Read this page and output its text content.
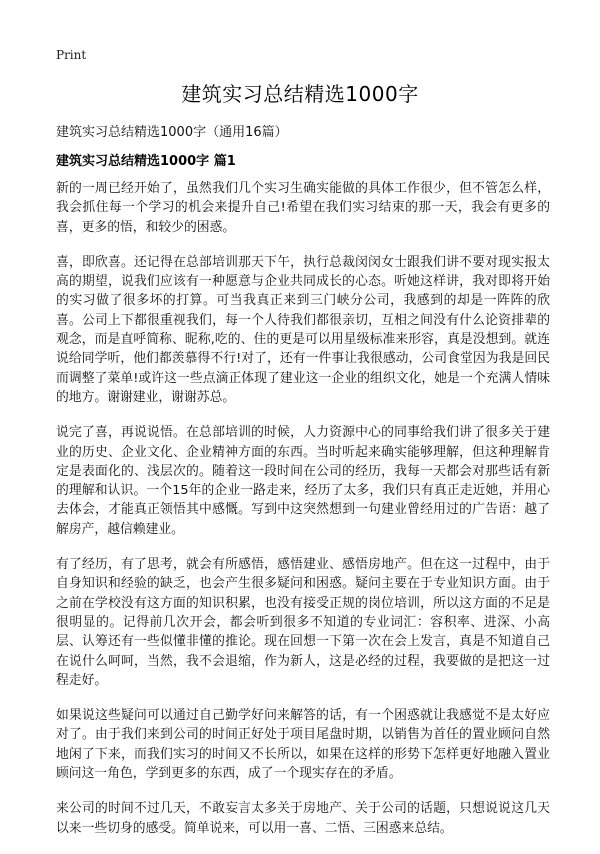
Print
建筑实习总结精选1000字
建筑实习总结精选1000字（通用16篇）
建筑实习总结精选1000字 篇1

新的一周已经开始了，虽然我们几个实习生确实能做的具体工作很少，但不管怎么样，我会抓住每一个学习的机会来提升自己!希望在我们实习结束的那一天，我会有更多的喜，更多的悟，和较少的困惑。

喜，即欣喜。还记得在总部培训那天下午，执行总裁闵闵女士跟我们讲不要对现实报太高的期望，说我们应该有一种愿意与企业共同成长的心态。听她这样讲，我对即将开始的实习做了很多坏的打算。可当我真正来到三门峡分公司，我感到的却是一阵阵的欣喜。公司上下都很重视我们，每一个人待我们都很亲切，互相之间没有什么论资排辈的观念，而是直呼简称、昵称,吃的、住的更是可以用星级标准来形容，真是没想到。就连说给同学听，他们都羡慕得不行!对了，还有一件事让我很感动，公司食堂因为我是回民而调整了菜单!或许这一些点滴正体现了建业这一企业的组织文化，她是一个充满人情味的地方。谢谢建业，谢谢苏总。

说完了喜，再说说悟。在总部培训的时候，人力资源中心的同事给我们讲了很多关于建业的历史、企业文化、企业精神方面的东西。当时听起来确实能够理解，但这种理解肯定是表面化的、浅层次的。随着这一段时间在公司的经历，我每一天都会对那些话有新的理解和认识。一个15年的企业一路走来，经历了太多，我们只有真正走近她，并用心去体会，才能真正领悟其中感慨。写到中这突然想到一句建业曾经用过的广告语：越了解房产，越信赖建业。

有了经历，有了思考，就会有所感悟，感悟建业、感悟房地产。但在这一过程中，由于自身知识和经验的缺乏，也会产生很多疑问和困惑。疑问主要在于专业知识方面。由于之前在学校没有这方面的知识积累，也没有接受正规的岗位培训，所以这方面的不足是很明显的。记得前几次开会，都会听到很多不知道的专业词汇：容积率、进深、小高层、认筹还有一些似懂非懂的推论。现在回想一下第一次在会上发言，真是不知道自己在说什么呵呵，当然，我不会退缩，作为新人，这是必经的过程，我要做的是把这一过程走好。

如果说这些疑问可以通过自己勤学好问来解答的话，有一个困惑就让我感觉不是太好应对了。由于我们来到公司的时间正好处于项目尾盘时期，以销售为首任的置业顾问自然地闲了下来，而我们实习的时间又不长所以，如果在这样的形势下怎样更好地融入置业顾问这一角色，学到更多的东西，成了一个现实存在的矛盾。

来公司的时间不过几天，不敢妄言太多关于房地产、关于公司的话题，只想说说这几天以来一些切身的感受。简单说来，可以用一喜、二悟、三困惑来总结。
